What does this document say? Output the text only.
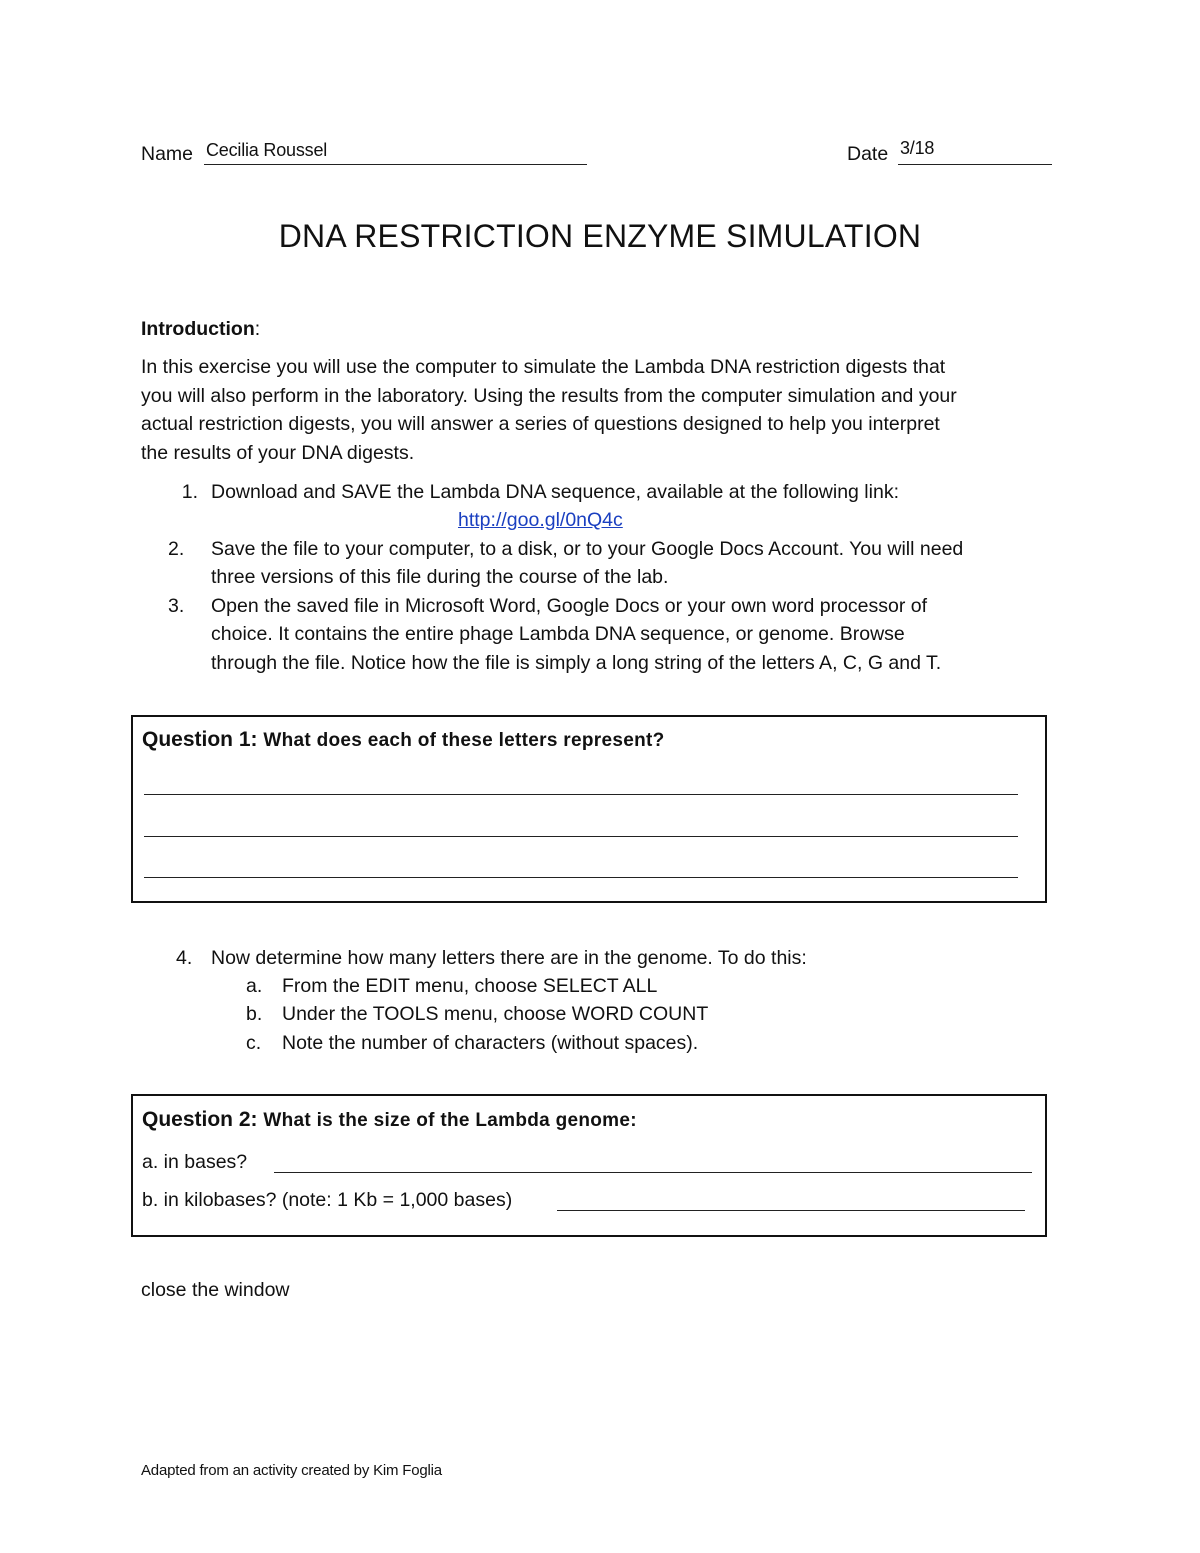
Name Cecilia Roussel	Date 3/18
DNA RESTRICTION ENZYME SIMULATION
Introduction:
In this exercise you will use the computer to simulate the Lambda DNA restriction digests that
you will also perform in the laboratory. Using the results from the computer simulation and your
actual restriction digests, you will answer a series of questions designed to help you interpret
the results of your DNA digests.
1. Download and SAVE the Lambda DNA sequence, available at the following link:
http://goo.gl/0nQ4c
2. Save the file to your computer, to a disk, or to your Google Docs Account. You will need
three versions of this file during the course of the lab.
3. Open the saved file in Microsoft Word, Google Docs or your own word processor of
choice. It contains the entire phage Lambda DNA sequence, or genome. Browse
through the file. Notice how the file is simply a long string of the letters A, C, G and T.
Question 1: What does each of these letters represent?
4. Now determine how many letters there are in the genome. To do this:
a. From the EDIT menu, choose SELECT ALL
b. Under the TOOLS menu, choose WORD COUNT
c. Note the number of characters (without spaces).
Question 2: What is the size of the Lambda genome:
a. in bases?
b. in kilobases? (note: 1 Kb = 1,000 bases)
close the window
Adapted from an activity created by Kim Foglia
